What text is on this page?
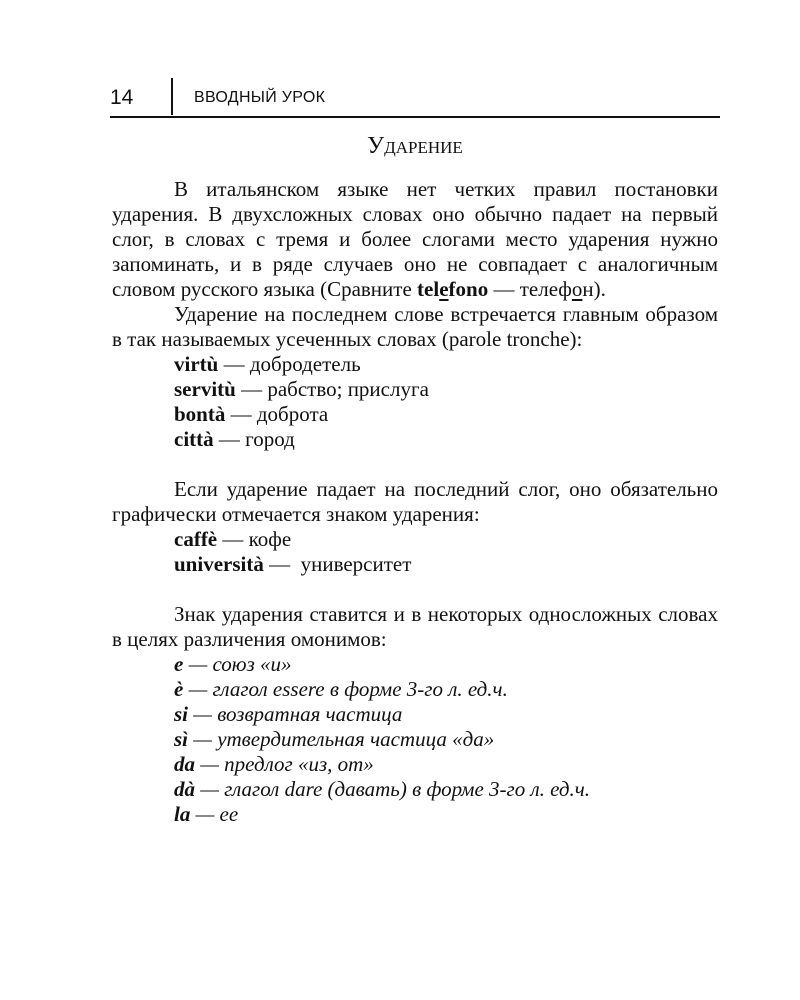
14	ВВОДНЫЙ УРОК
Ударение

В итальянском языке нет четких правил постановки ударения. В двухсложных словах оно обычно падает на первый слог, в словах с тремя и более слогами место ударения нужно запоминать, и в ряде случаев оно не совпадает с аналогичным словом русского языка (Сравните telefono — телефон).

Ударение на последнем слове встречается главным образом в так называемых усеченных словах (parole tronche):

virtù — добродетель
servitù — рабство; прислуга
bontà — доброта
città — город

Если ударение падает на последний слог, оно обязательно графически отмечается знаком ударения:

caffè — кофе
università —  университет

Знак ударения ставится и в некоторых односложных словах в целях различения омонимов:

e — союз «и»
è — глагол essere в форме 3-го л. ед.ч.
si — возвратная частица
sì — утвердительная частица «да»
da — предлог «из, от»
dà — глагол dare (давать) в форме 3-го л. ед.ч.
la — ее
